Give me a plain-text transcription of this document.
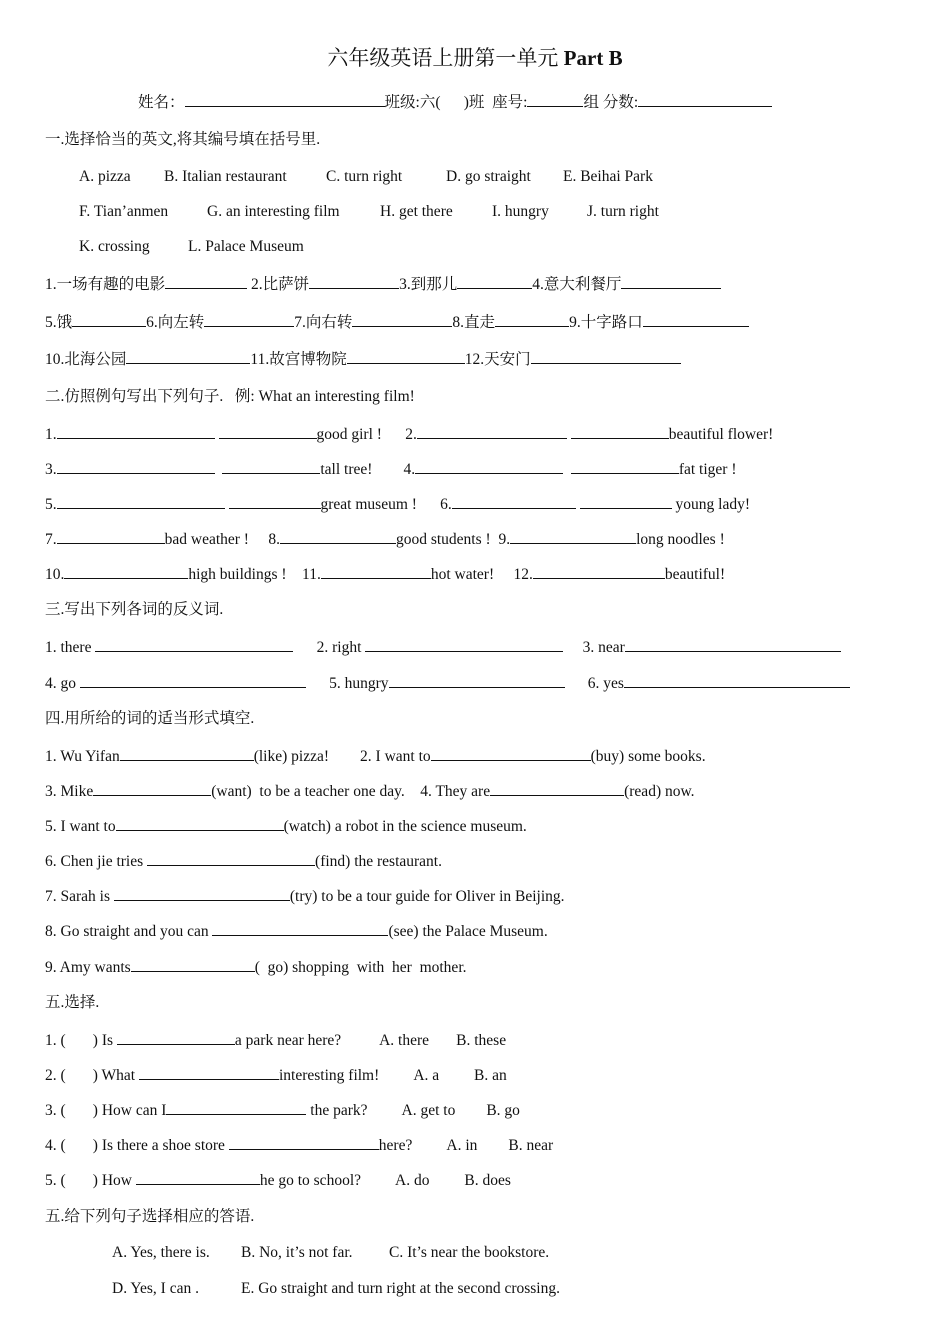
六年级英语上册第一单元 Part B
姓名：	班级:六(      )班  座号:	组 分数:
一.选择恰当的英文,将其编号填在括号里.
A. pizza B. Italian restaurant	C. turn right	D. go straight E. Beihai Park
F. Tian’anmen	G. an interesting film	H. get there	I. hungry J. turn right
K. crossing L. Palace Museum
1.一场有趣的电影	2.比萨饼	3.到那儿	4.意大利餐厅
5.饿	6.向左转	7.向右转	8.直走	9.十字路口
10.北海公园	11.故宫博物院	12.天安门
二.仿照例句写出下列句子.   例: What an interesting film!
1.	good girl ! 2.	beautiful flower!
3.	tall tree! 4.	fat tiger !
5.	great museum ! 6.	young lady!
7.	bad weather ! 8.	good students ! 9.	long noodles !
10.	high buildings ! 11.	hot water! 12.	beautiful!
三.写出下列各词的反义词.
1. there	2. right	3. near
4. go	5. hungry	6. yes
四.用所给的词的适当形式填空.
1. Wu Yifan	(like) pizza! 2. I want to	(buy) some books.
3. Mike	(want)  to be a teacher one day. 4. They are	(read) now.
5. I want to	(watch) a robot in the science museum.
6. Chen jie tries	(find) the restaurant.
7. Sarah is	(try) to be a tour guide for Oliver in Beijing.
8. Go straight and you can	(see) the Palace Museum.
9. Amy wants	(  go) shopping  with  her  mother.
五.选择.
1. (       ) Is	a park near here? A. there B. these
2. (       ) What	interesting film! A. a B. an
3. (       ) How can I	the park? A. get to B. go
4. (       ) Is there a shoe store	here? A. in B. near
5. (       ) How	he go to school? A. do B. does
五.给下列句子选择相应的答语.
A. Yes, there is. B. No, it’s not far. C. It’s near the bookstore.
D. Yes, I can .	E. Go straight and turn right at the second crossing.
